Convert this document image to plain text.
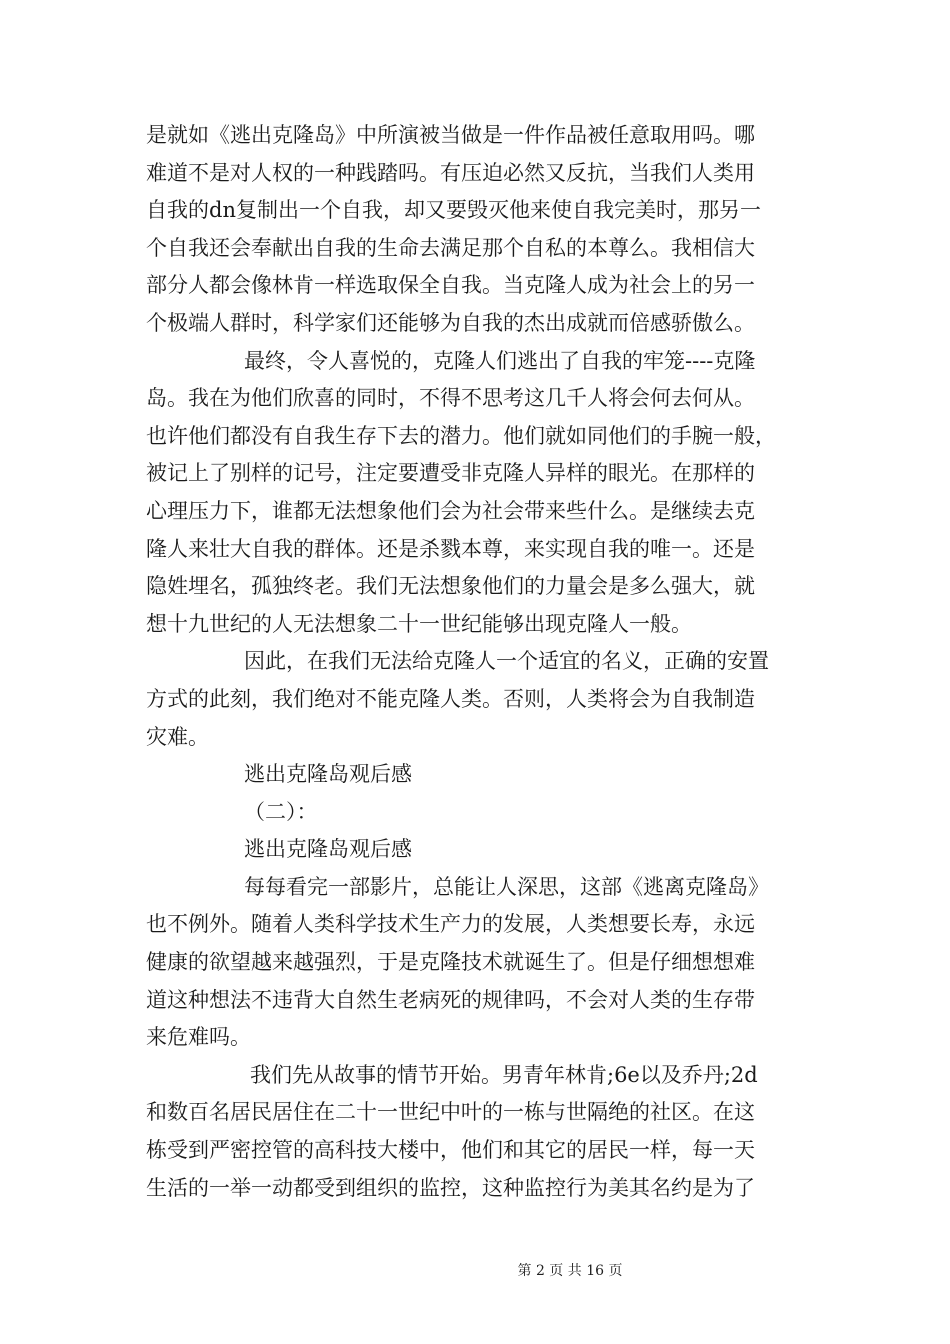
是就如《逃出克隆岛》中所演被当做是一件作品被任意取用吗。哪
难道不是对人权的一种践踏吗。有压迫必然又反抗，当我们人类用
自我的dn复制出一个自我，却又要毁灭他来使自我完美时，那另一
个自我还会奉献出自我的生命去满足那个自私的本尊么。我相信大
部分人都会像林肯一样选取保全自我。当克隆人成为社会上的另一
个极端人群时，科学家们还能够为自我的杰出成就而倍感骄傲么。
最终，令人喜悦的，克隆人们逃出了自我的牢笼----克隆
岛。我在为他们欣喜的同时，不得不思考这几千人将会何去何从。
也许他们都没有自我生存下去的潜力。他们就如同他们的手腕一般，
被记上了别样的记号，注定要遭受非克隆人异样的眼光。在那样的
心理压力下，谁都无法想象他们会为社会带来些什么。是继续去克
隆人来壮大自我的群体。还是杀戮本尊，来实现自我的唯一。还是
隐姓埋名，孤独终老。我们无法想象他们的力量会是多么强大，就
想十九世纪的人无法想象二十一世纪能够出现克隆人一般。
因此，在我们无法给克隆人一个适宜的名义，正确的安置
方式的此刻，我们绝对不能克隆人类。否则，人类将会为自我制造
灾难。
逃出克隆岛观后感
（二）：
逃出克隆岛观后感
每每看完一部影片，总能让人深思，这部《逃离克隆岛》
也不例外。随着人类科学技术生产力的发展，人类想要长寿，永远
健康的欲望越来越强烈，于是克隆技术就诞生了。但是仔细想想难
道这种想法不违背大自然生老病死的规律吗，不会对人类的生存带
来危难吗。
我们先从故事的情节开始。男青年林肯;6e以及乔丹;2d
和数百名居民居住在二十一世纪中叶的一栋与世隔绝的社区。在这
栋受到严密控管的高科技大楼中，他们和其它的居民一样，每一天
生活的一举一动都受到组织的监控，这种监控行为美其名约是为了
第 2 页 共 16 页
